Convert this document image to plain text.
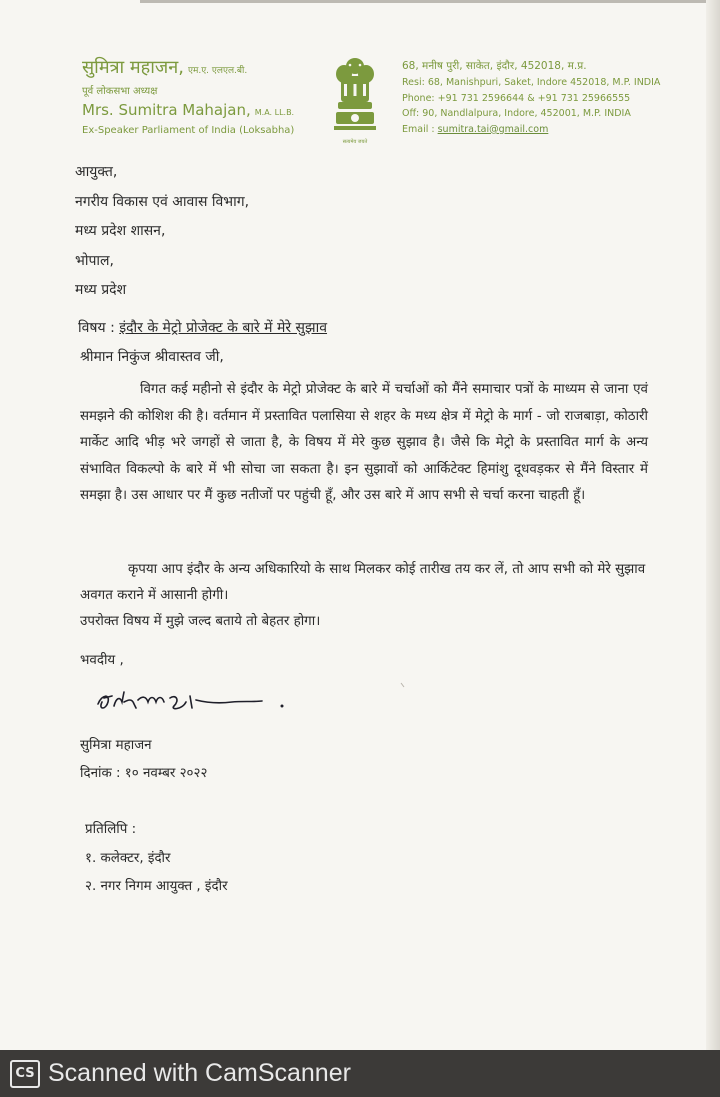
सुमित्रा महाजन, एम.ए. एलएल.बी.
पूर्व लोकसभा अध्यक्ष
Mrs. Sumitra Mahajan, M.A. LL.B.
Ex-Speaker Parliament of India (Loksabha)
सत्यमेव जयते
68, मनीष पुरी, साकेत, इंदौर, 452018, म.प्र.
Resi: 68, Manishpuri, Saket, Indore 452018, M.P. INDIA
Phone: +91 731 2596644 & +91 731 25966555
Off: 90, Nandlalpura, Indore, 452001, M.P. INDIA
Email : sumitra.tai@gmail.com
आयुक्त,
नगरीय विकास एवं आवास विभाग,
मध्य प्रदेश शासन,
भोपाल,
मध्य प्रदेश
विषय : इंदौर के मेट्रो प्रोजेक्ट के बारे में मेरे सुझाव
श्रीमान निकुंज श्रीवास्तव जी,
विगत कई महीनो से इंदौर के मेट्रो प्रोजेक्ट के बारे में चर्चाओं को मैंने समाचार पत्रों के माध्यम से जाना एवं समझने की कोशिश की है। वर्तमान में प्रस्तावित पलासिया से शहर के मध्य क्षेत्र में मेट्रो के मार्ग - जो राजबाड़ा, कोठारी मार्केट आदि भीड़ भरे जगहों से जाता है, के विषय में मेरे कुछ सुझाव है। जैसे कि मेट्रो के प्रस्तावित मार्ग के अन्य संभावित विकल्पो के बारे में भी सोचा जा सकता है। इन सुझावों को आर्किटेक्ट हिमांशु दूधवड़कर से मैंने विस्तार में समझा है। उस आधार पर मैं कुछ नतीजों पर पहुंची हूँ, और उस बारे में आप सभी से चर्चा करना चाहती हूँ।
कृपया आप इंदौर के अन्य अधिकारियो के साथ मिलकर कोई तारीख तय कर लें, तो आप सभी को मेरे सुझाव अवगत कराने में आसानी होगी।
उपरोक्त विषय में मुझे जल्द बताये तो बेहतर होगा।
भवदीय ,
सुमित्रा महाजन
दिनांक : १० नवम्बर २०२२
प्रतिलिपि :
१. कलेक्टर, इंदौर
२. नगर निगम आयुक्त , इंदौर
CS Scanned with CamScanner
